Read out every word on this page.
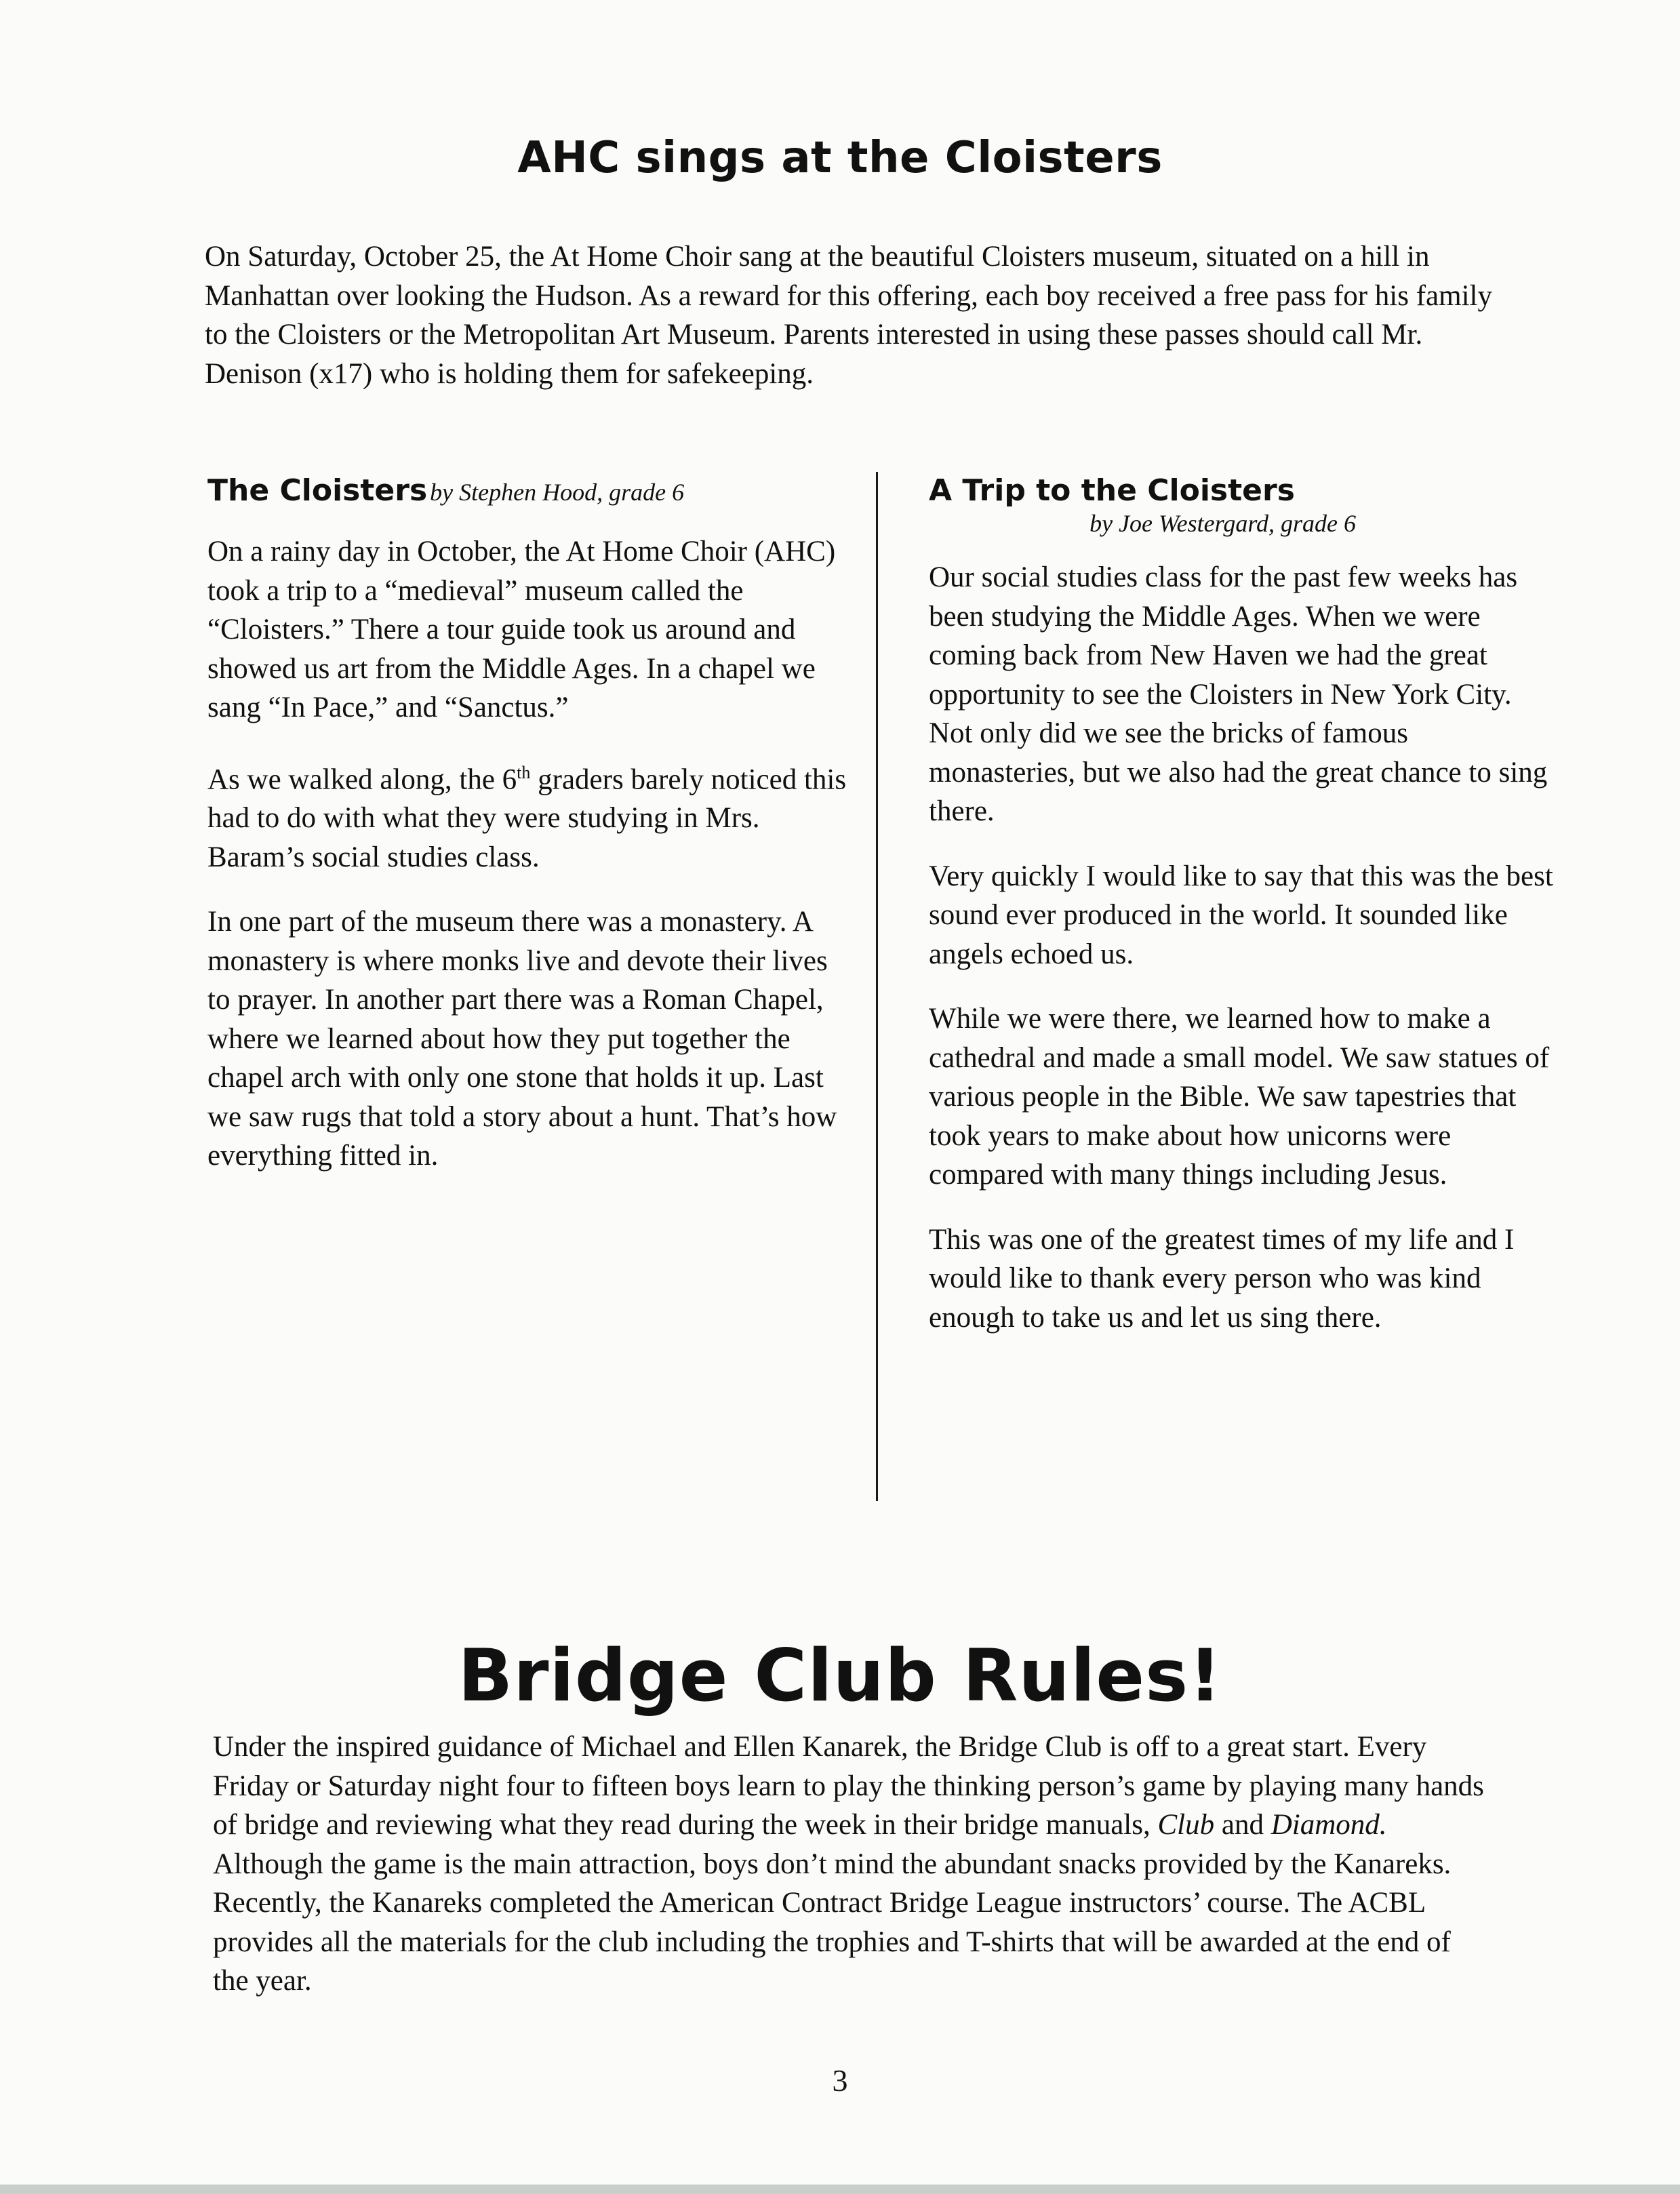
AHC sings at the Cloisters

On Saturday, October 25, the At Home Choir sang at the beautiful Cloisters museum, situated on a hill in Manhattan over looking the Hudson. As a reward for this offering, each boy received a free pass for his family to the Cloisters or the Metropolitan Art Museum. Parents interested in using these passes should call Mr. Denison (x17) who is holding them for safekeeping.

The Cloisters by Stephen Hood, grade 6

On a rainy day in October, the At Home Choir (AHC) took a trip to a “medieval” museum called the “Cloisters.” There a tour guide took us around and showed us art from the Middle Ages. In a chapel we sang “In Pace,” and “Sanctus.”

As we walked along, the 6th graders barely noticed this had to do with what they were studying in Mrs. Baram’s social studies class.

In one part of the museum there was a monastery. A monastery is where monks live and devote their lives to prayer. In another part there was a Roman Chapel, where we learned about how they put together the chapel arch with only one stone that holds it up. Last we saw rugs that told a story about a hunt. That’s how everything fitted in.

A Trip to the Cloisters
by Joe Westergard, grade 6

Our social studies class for the past few weeks has been studying the Middle Ages. When we were coming back from New Haven we had the great opportunity to see the Cloisters in New York City. Not only did we see the bricks of famous monasteries, but we also had the great chance to sing there.

Very quickly I would like to say that this was the best sound ever produced in the world. It sounded like angels echoed us.

While we were there, we learned how to make a cathedral and made a small model. We saw statues of various people in the Bible. We saw tapestries that took years to make about how unicorns were compared with many things including Jesus.

This was one of the greatest times of my life and I would like to thank every person who was kind enough to take us and let us sing there.

Bridge Club Rules!

Under the inspired guidance of Michael and Ellen Kanarek, the Bridge Club is off to a great start. Every Friday or Saturday night four to fifteen boys learn to play the thinking person’s game by playing many hands of bridge and reviewing what they read during the week in their bridge manuals, Club and Diamond. Although the game is the main attraction, boys don’t mind the abundant snacks provided by the Kanareks. Recently, the Kanareks completed the American Contract Bridge League instructors’ course. The ACBL provides all the materials for the club including the trophies and T-shirts that will be awarded at the end of the year.

3
